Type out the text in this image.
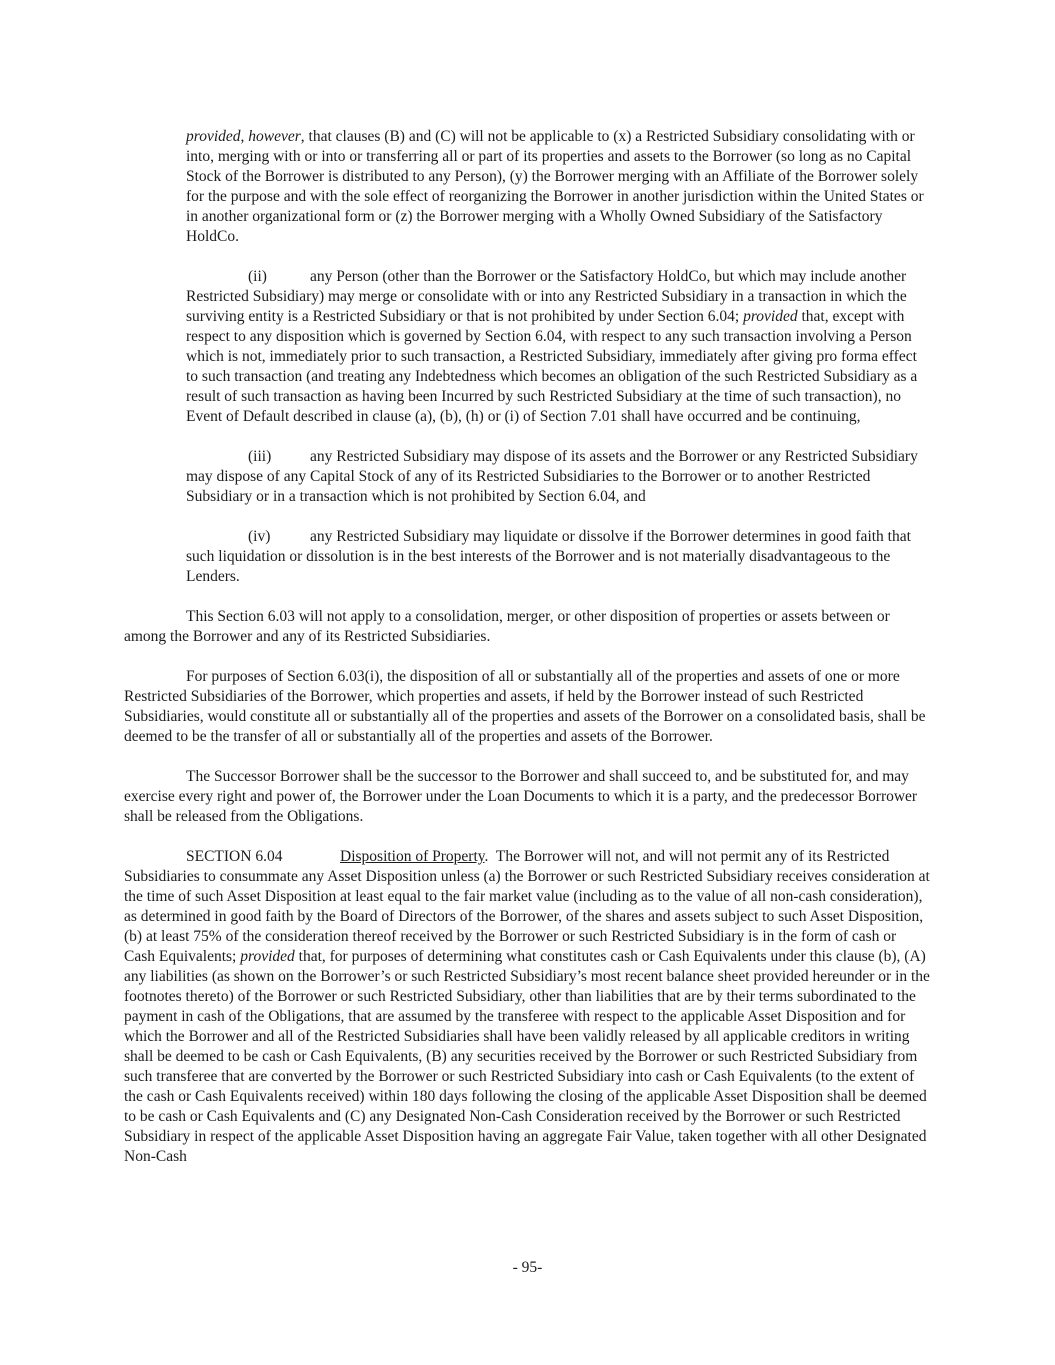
provided, however, that clauses (B) and (C) will not be applicable to (x) a Restricted Subsidiary consolidating with or into, merging with or into or transferring all or part of its properties and assets to the Borrower (so long as no Capital Stock of the Borrower is distributed to any Person), (y) the Borrower merging with an Affiliate of the Borrower solely for the purpose and with the sole effect of reorganizing the Borrower in another jurisdiction within the United States or in another organizational form or (z) the Borrower merging with a Wholly Owned Subsidiary of the Satisfactory HoldCo.

(ii)	any Person (other than the Borrower or the Satisfactory HoldCo, but which may include another Restricted Subsidiary) may merge or consolidate with or into any Restricted Subsidiary in a transaction in which the surviving entity is a Restricted Subsidiary or that is not prohibited by under Section 6.04; provided that, except with respect to any disposition which is governed by Section 6.04, with respect to any such transaction involving a Person which is not, immediately prior to such transaction, a Restricted Subsidiary, immediately after giving pro forma effect to such transaction (and treating any Indebtedness which becomes an obligation of the such Restricted Subsidiary as a result of such transaction as having been Incurred by such Restricted Subsidiary at the time of such transaction), no Event of Default described in clause (a), (b), (h) or (i) of Section 7.01 shall have occurred and be continuing,

(iii)	any Restricted Subsidiary may dispose of its assets and the Borrower or any Restricted Subsidiary may dispose of any Capital Stock of any of its Restricted Subsidiaries to the Borrower or to another Restricted Subsidiary or in a transaction which is not prohibited by Section 6.04, and

(iv)	any Restricted Subsidiary may liquidate or dissolve if the Borrower determines in good faith that such liquidation or dissolution is in the best interests of the Borrower and is not materially disadvantageous to the Lenders.

This Section 6.03 will not apply to a consolidation, merger, or other disposition of properties or assets between or among the Borrower and any of its Restricted Subsidiaries.

For purposes of Section 6.03(i), the disposition of all or substantially all of the properties and assets of one or more Restricted Subsidiaries of the Borrower, which properties and assets, if held by the Borrower instead of such Restricted Subsidiaries, would constitute all or substantially all of the properties and assets of the Borrower on a consolidated basis, shall be deemed to be the transfer of all or substantially all of the properties and assets of the Borrower.

The Successor Borrower shall be the successor to the Borrower and shall succeed to, and be substituted for, and may exercise every right and power of, the Borrower under the Loan Documents to which it is a party, and the predecessor Borrower shall be released from the Obligations.

SECTION 6.04	Disposition of Property.  The Borrower will not, and will not permit any of its Restricted Subsidiaries to consummate any Asset Disposition unless (a) the Borrower or such Restricted Subsidiary receives consideration at the time of such Asset Disposition at least equal to the fair market value (including as to the value of all non-cash consideration), as determined in good faith by the Board of Directors of the Borrower, of the shares and assets subject to such Asset Disposition, (b) at least 75% of the consideration thereof received by the Borrower or such Restricted Subsidiary is in the form of cash or Cash Equivalents; provided that, for purposes of determining what constitutes cash or Cash Equivalents under this clause (b), (A) any liabilities (as shown on the Borrower’s or such Restricted Subsidiary’s most recent balance sheet provided hereunder or in the footnotes thereto) of the Borrower or such Restricted Subsidiary, other than liabilities that are by their terms subordinated to the payment in cash of the Obligations, that are assumed by the transferee with respect to the applicable Asset Disposition and for which the Borrower and all of the Restricted Subsidiaries shall have been validly released by all applicable creditors in writing shall be deemed to be cash or Cash Equivalents, (B) any securities received by the Borrower or such Restricted Subsidiary from such transferee that are converted by the Borrower or such Restricted Subsidiary into cash or Cash Equivalents (to the extent of the cash or Cash Equivalents received) within 180 days following the closing of the applicable Asset Disposition shall be deemed to be cash or Cash Equivalents and (C) any Designated Non-Cash Consideration received by the Borrower or such Restricted Subsidiary in respect of the applicable Asset Disposition having an aggregate Fair Value, taken together with all other Designated Non-Cash

- 95-
